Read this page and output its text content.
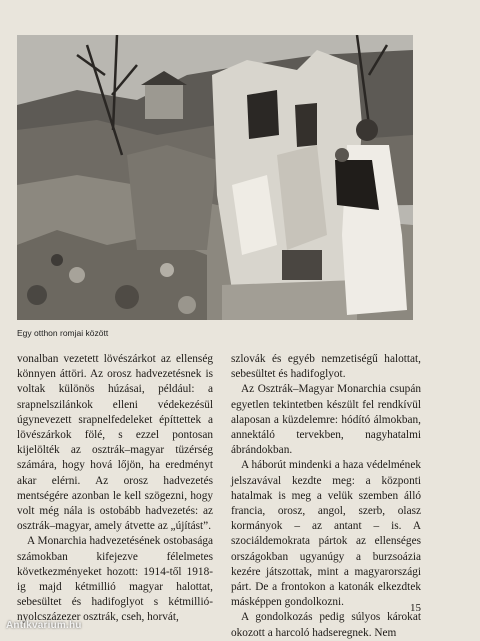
Egy otthon romjai között

vonalban vezetett lövészárkot az ellenség könnyen áttöri. Az orosz hadvezetésnek is voltak különös húzásai, például: a srapnelszilánkok elleni védekezésül úgynevezett srapnelfedeleket építtettek a lövészárkok fölé, s ezzel pontosan kijelölték az osztrák–magyar tüzérség számára, hogy hová lőjön, ha eredményt akar elérni. Az orosz hadvezetés mentségére azonban le kell szögezni, hogy volt még nála is ostobább hadvezetés: az osztrák–magyar, amely átvette az „újítást”.

A Monarchia hadvezetésének ostobasága számokban kifejezve félelmetes következményeket hozott: 1914-től 1918-ig majd kétmillió magyar halottat, sebesültet és hadifoglyot s kétmillió-nyolcszázezer osztrák, cseh, horvát,

szlovák és egyéb nemzetiségű halottat, sebesültet és hadifoglyot.

Az Osztrák–Magyar Monarchia csupán egyetlen tekintetben készült fel rendkívül alaposan a küzdelemre: hódító álmokban, annektáló tervekben, nagyhatalmi ábrándokban.

A háborút mindenki a haza védelmének jelszavával kezdte meg: a központi hatalmak is meg a velük szemben álló francia, orosz, angol, szerb, olasz kormányok – az antant – is. A szociáldemokrata pártok az ellenséges országokban ugyanúgy a burzsoázia kezére játszottak, mint a magyarországi párt. De a frontokon a katonák elkezdtek másképpen gondolkozni.

A gondolkozás pedig súlyos károkat okozott a harcoló hadseregnek. Nem

15
Antikvarium.hu
